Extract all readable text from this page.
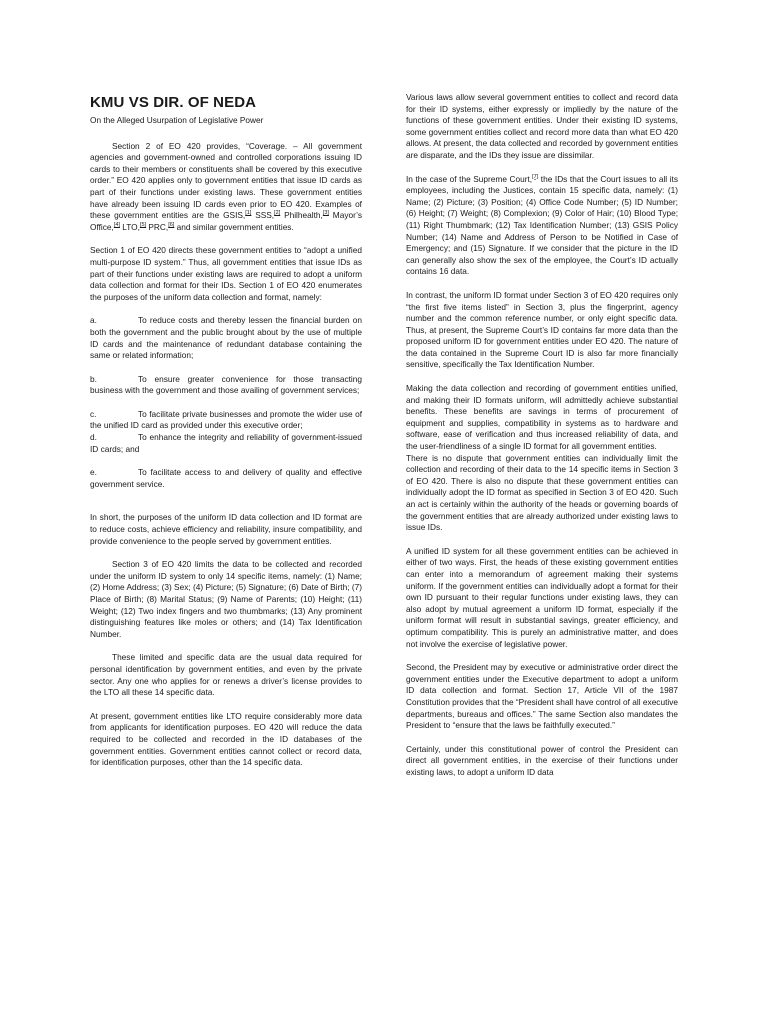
KMU VS DIR. OF NEDA
On the Alleged Usurpation of Legislative Power

Section 2 of EO 420 provides, “Coverage. – All government agencies and government-owned and controlled corporations issuing ID cards to their members or constituents shall be covered by this executive order.” EO 420 applies only to government entities that issue ID cards as part of their functions under existing laws. These government entities have already been issuing ID cards even prior to EO 420. Examples of these government entities are the GSIS,[1] SSS,[2] Philhealth,[3] Mayor’s Office,[4] LTO,[5] PRC,[6] and similar government entities.

Section 1 of EO 420 directs these government entities to “adopt a unified multi-purpose ID system.” Thus, all government entities that issue IDs as part of their functions under existing laws are required to adopt a uniform data collection and format for their IDs. Section 1 of EO 420 enumerates the purposes of the uniform data collection and format, namely:

a.	To reduce costs and thereby lessen the financial burden on both the government and the public brought about by the use of multiple ID cards and the maintenance of redundant database containing the same or related information;
b.	To ensure greater convenience for those transacting business with the government and those availing of government services;
c.	To facilitate private businesses and promote the wider use of the unified ID card as provided under this executive order;
d.	To enhance the integrity and reliability of government-issued ID cards; and
e.	To facilitate access to and delivery of quality and effective government service.

In short, the purposes of the uniform ID data collection and ID format are to reduce costs, achieve efficiency and reliability, insure compatibility, and provide convenience to the people served by government entities.

Section 3 of EO 420 limits the data to be collected and recorded under the uniform ID system to only 14 specific items, namely: (1) Name; (2) Home Address; (3) Sex; (4) Picture; (5) Signature; (6) Date of Birth; (7) Place of Birth; (8) Marital Status; (9) Name of Parents; (10) Height; (11) Weight; (12) Two index fingers and two thumbmarks; (13) Any prominent distinguishing features like moles or others; and (14) Tax Identification Number.

These limited and specific data are the usual data required for personal identification by government entities, and even by the private sector. Any one who applies for or renews a driver’s license provides to the LTO all these 14 specific data.

At present, government entities like LTO require considerably more data from applicants for identification purposes. EO 420 will reduce the data required to be collected and recorded in the ID databases of the government entities. Government entities cannot collect or record data, for identification purposes, other than the 14 specific data.

Various laws allow several government entities to collect and record data for their ID systems, either expressly or impliedly by the nature of the functions of these government entities. Under their existing ID systems, some government entities collect and record more data than what EO 420 allows. At present, the data collected and recorded by government entities are disparate, and the IDs they issue are dissimilar.

In the case of the Supreme Court,[7] the IDs that the Court issues to all its employees, including the Justices, contain 15 specific data, namely: (1) Name; (2) Picture; (3) Position; (4) Office Code Number; (5) ID Number; (6) Height; (7) Weight; (8) Complexion; (9) Color of Hair; (10) Blood Type; (11) Right Thumbmark; (12) Tax Identification Number; (13) GSIS Policy Number; (14) Name and Address of Person to be Notified in Case of Emergency; and (15) Signature. If we consider that the picture in the ID can generally also show the sex of the employee, the Court’s ID actually contains 16 data.

In contrast, the uniform ID format under Section 3 of EO 420 requires only “the first five items listed” in Section 3, plus the fingerprint, agency number and the common reference number, or only eight specific data. Thus, at present, the Supreme Court’s ID contains far more data than the proposed uniform ID for government entities under EO 420. The nature of the data contained in the Supreme Court ID is also far more financially sensitive, specifically the Tax Identification Number.

Making the data collection and recording of government entities unified, and making their ID formats uniform, will admittedly achieve substantial benefits. These benefits are savings in terms of procurement of equipment and supplies, compatibility in systems as to hardware and software, ease of verification and thus increased reliability of data, and the user-friendliness of a single ID format for all government entities.

There is no dispute that government entities can individually limit the collection and recording of their data to the 14 specific items in Section 3 of EO 420. There is also no dispute that these government entities can individually adopt the ID format as specified in Section 3 of EO 420. Such an act is certainly within the authority of the heads or governing boards of the government entities that are already authorized under existing laws to issue IDs.

A unified ID system for all these government entities can be achieved in either of two ways. First, the heads of these existing government entities can enter into a memorandum of agreement making their systems uniform. If the government entities can individually adopt a format for their own ID pursuant to their regular functions under existing laws, they can also adopt by mutual agreement a uniform ID format, especially if the uniform format will result in substantial savings, greater efficiency, and optimum compatibility. This is purely an administrative matter, and does not involve the exercise of legislative power.

Second, the President may by executive or administrative order direct the government entities under the Executive department to adopt a uniform ID data collection and format. Section 17, Article VII of the 1987 Constitution provides that the “President shall have control of all executive departments, bureaus and offices.” The same Section also mandates the President to “ensure that the laws be faithfully executed.”

Certainly, under this constitutional power of control the President can direct all government entities, in the exercise of their functions under existing laws, to adopt a uniform ID data
